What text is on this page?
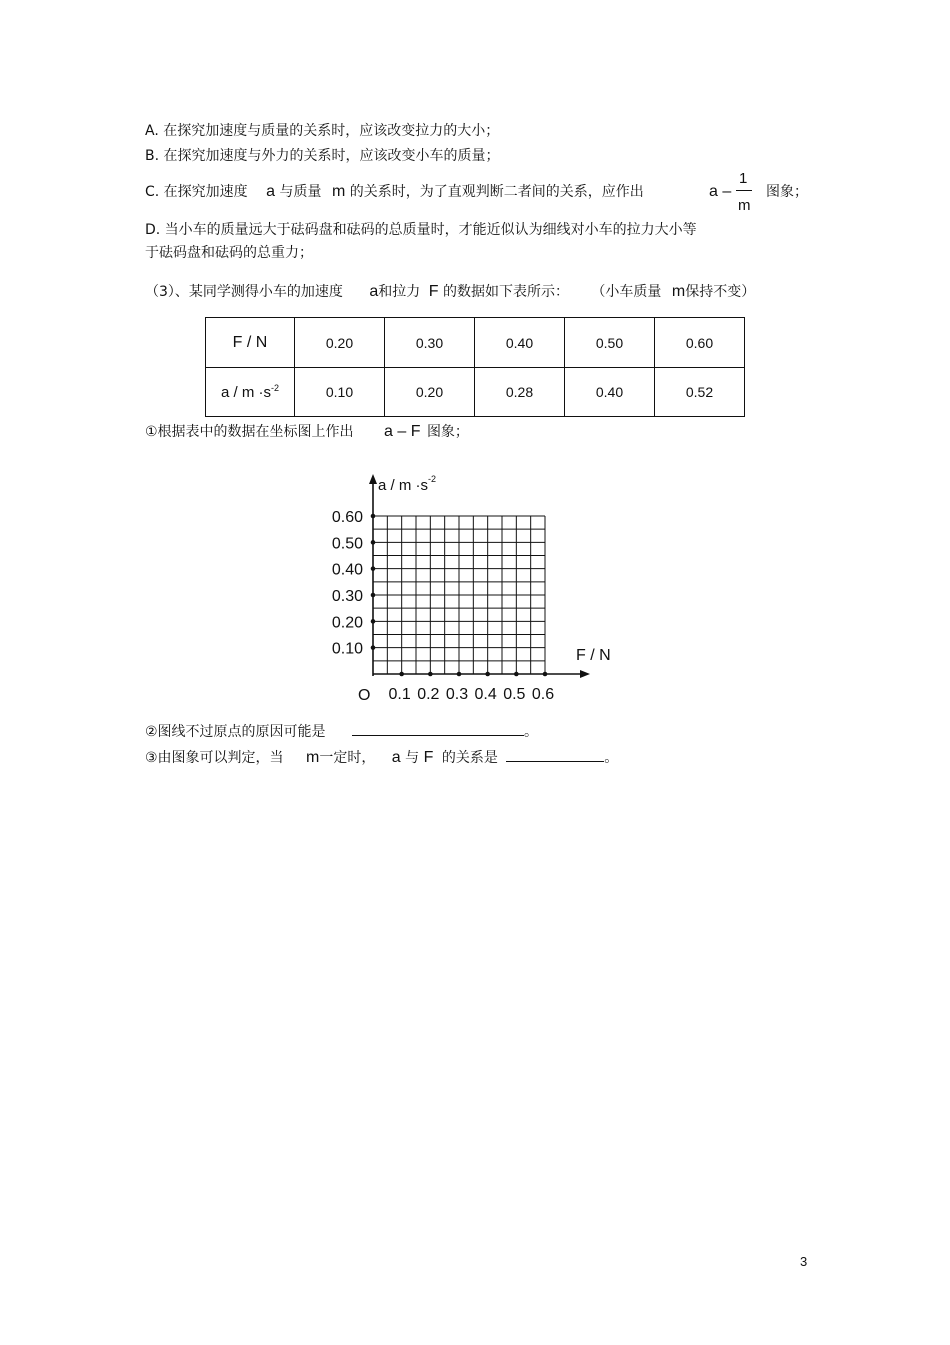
A. 在探究加速度与质量的关系时，应该改变拉力的大小；
B. 在探究加速度与外力的关系时，应该改变小车的质量；
C. 在探究加速度 a 与质量 m 的关系时，为了直观判断二者间的关系，应作出	a –
1
m
图象；
D. 当小车的质量远大于砝码盘和砝码的总质量时，才能近似认为细线对小车的拉力大小等
于砝码盘和砝码的总重力；
（3）、某同学测得小车的加速度 a和拉力 F 的数据如下表所示： （小车质量 m保持不变）
F / N	0.20	0.30	0.40	0.50	0.60
$a / m \cdot s^{-2}$	0.10	0.20	0.28	0.40	0.52
①根据表中的数据在坐标图上作出 a – F 图象；
$a / m \cdot s^{-2}$
F / N
O
0.60
0.50
0.40
0.30
0.20
0.10
0.1 0.2 0.3 0.4 0.5 0.6
②图线不过原点的原因可能是	。
③由图象可以判定，当 m一定时， a 与 F 的关系是	。
3
